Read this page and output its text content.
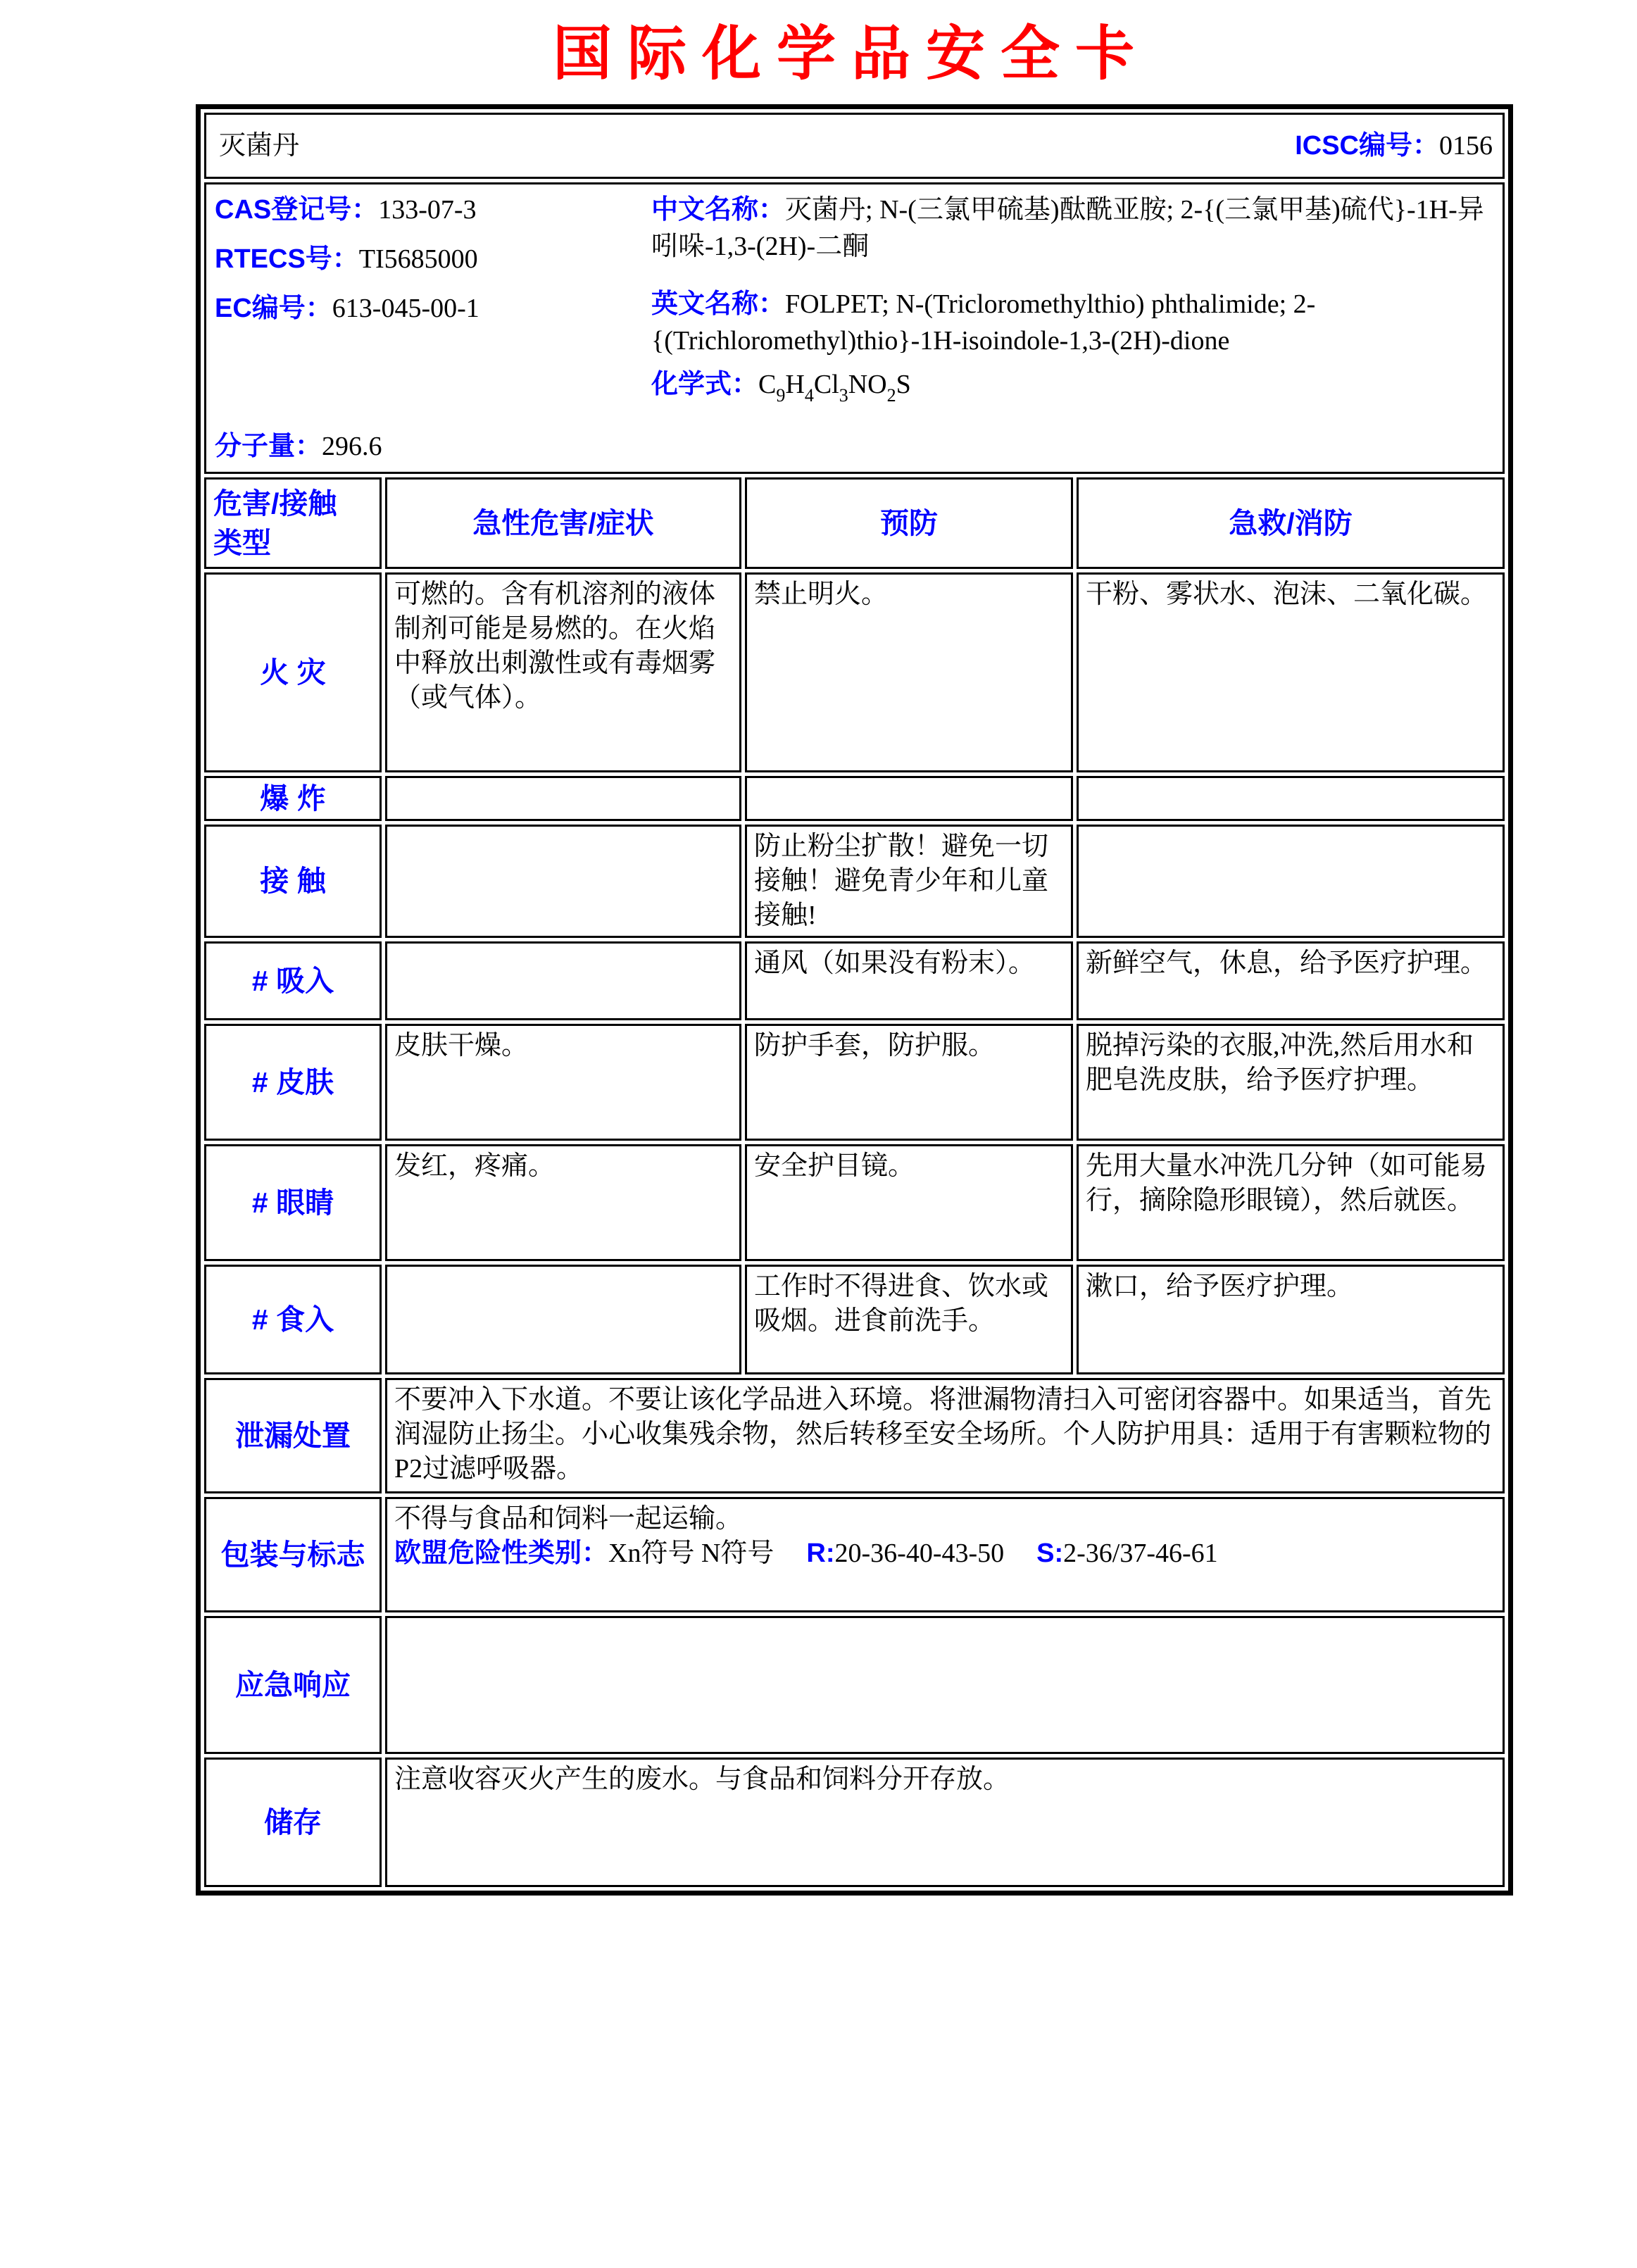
国际化学品安全卡
灭菌丹 ICSC编号：0156			

CAS登记号：133-07-3

RTECS号：TI5685000

EC编号：613-045-00-1

分子量：296.6

中文名称：灭菌丹; N-(三氯甲硫基)酞酰亚胺; 2-{(三氯甲基)硫代}-1H-异吲哚-1,3-(2H)-二酮

英文名称：FOLPET; N-(Tricloromethylthio) phthalimide; 2-{(Trichloromethyl)thio}-1H-isoindole-1,3-(2H)-dione

化学式：$C_9H_4Cl_3NO_2S$

危害/接触
类型	急性危害/症状	预防	急救/消防
火 灾	可燃的。含有机溶剂的液体制剂可能是易燃的。在火焰中释放出刺激性或有毒烟雾（或气体）。	禁止明火。	干粉、雾状水、泡沫、二氧化碳。
爆 炸			
接 触		防止粉尘扩散！避免一切接触！避免青少年和儿童接触!	
# 吸入		通风（如果没有粉末）。	新鲜空气，休息，给予医疗护理。
# 皮肤	皮肤干燥。	防护手套，防护服。	脱掉污染的衣服,冲洗,然后用水和肥皂洗皮肤，给予医疗护理。
# 眼睛	发红，疼痛。	安全护目镜。	先用大量水冲洗几分钟（如可能易行，摘除隐形眼镜），然后就医。
# 食入		工作时不得进食、饮水或吸烟。进食前洗手。	漱口，给予医疗护理。
泄漏处置	不要冲入下水道。不要让该化学品进入环境。将泄漏物清扫入可密闭容器中。如果适当，首先润湿防止扬尘。小心收集残余物，然后转移至安全场所。个人防护用具：适用于有害颗粒物的P2过滤呼吸器。		
包装与标志	不得与食品和饲料一起运输。

欧盟危险性类别：Xn符号 N符号 R:20-36-40-43-50 S:2-36/37-46-61		

应急响应			
储存	注意收容灭火产生的废水。与食品和饲料分开存放。		
